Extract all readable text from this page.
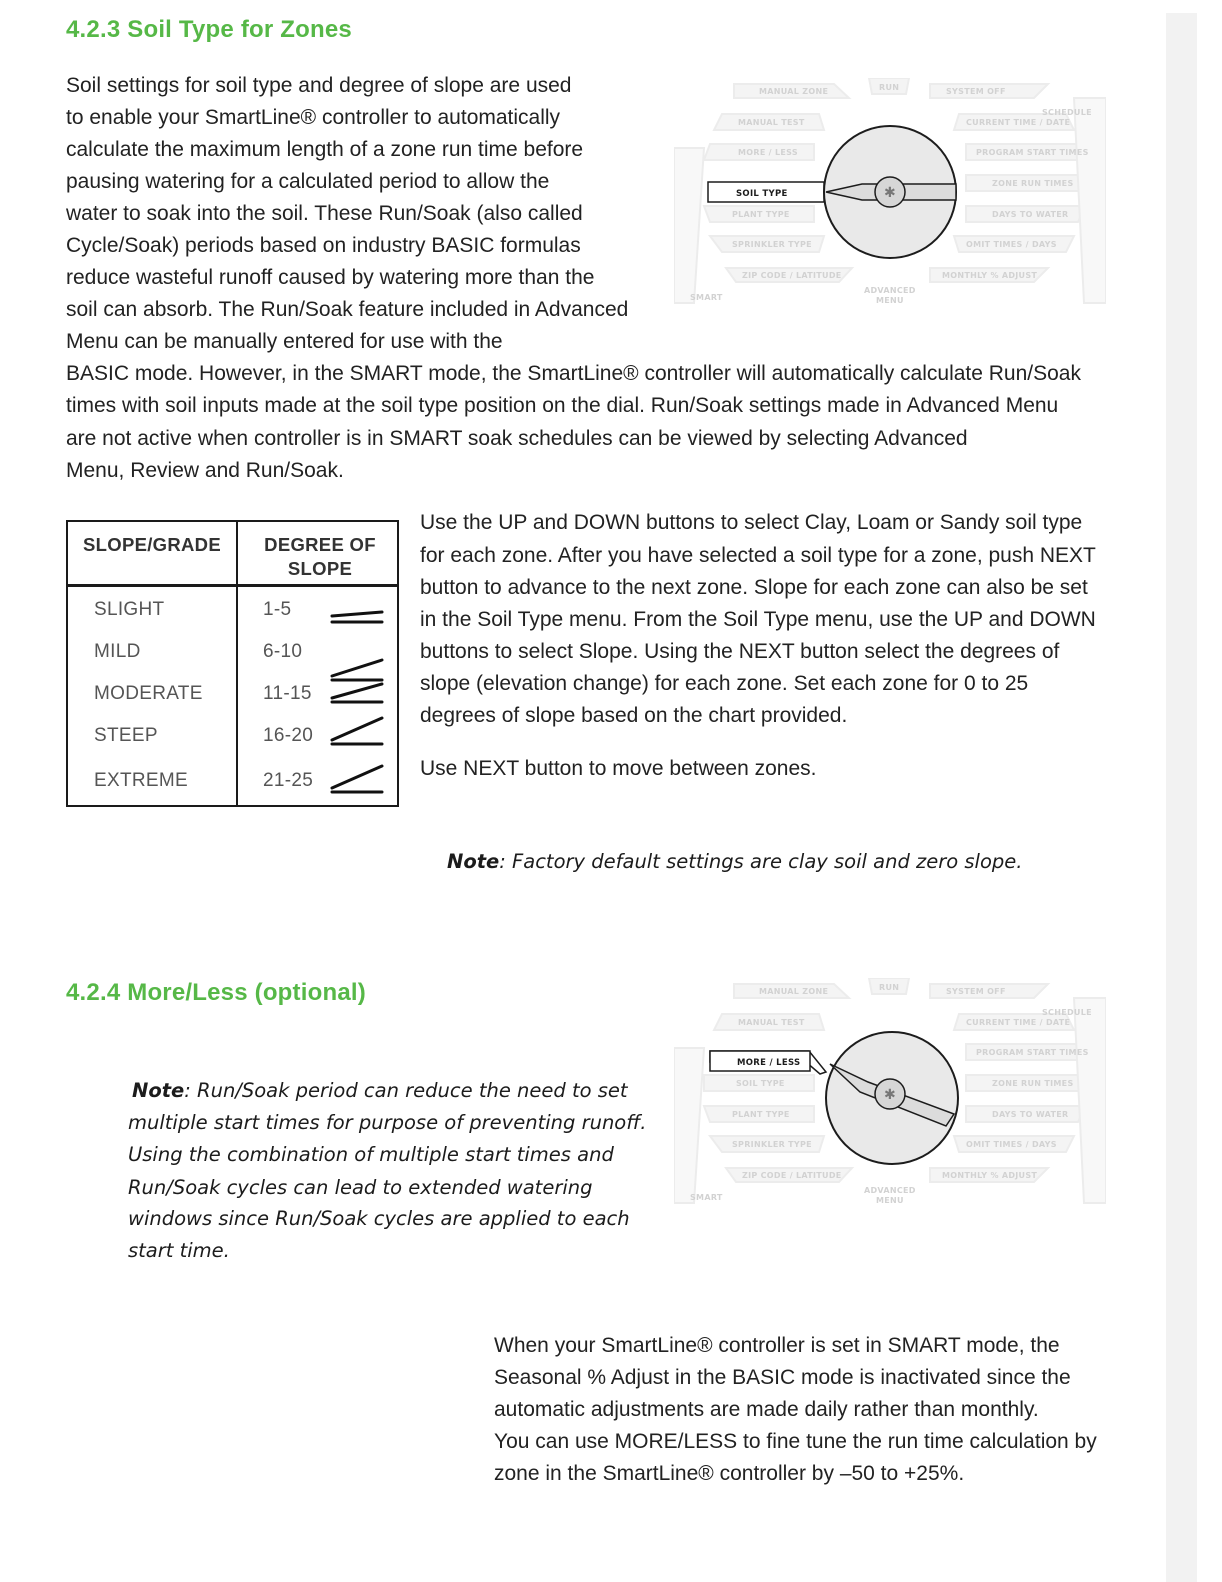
4.2.3 Soil Type for Zones

Soil settings for soil type and degree of slope are used

to enable your SmartLine® controller to automatically

calculate the maximum length of a zone run time before

pausing watering for a calculated period to allow the

water to soak into the soil. These Run/Soak (also called

Cycle/Soak) periods based on industry BASIC formulas

reduce wasteful runoff caused by watering more than the

soil can absorb. The Run/Soak feature included in Advanced

Menu can be manually entered for use with the

BASIC mode. However, in the SMART mode, the SmartLine® controller will automatically calculate Run/Soak

times with soil inputs made at the soil type position on the dial. Run/Soak settings made in Advanced Menu

are not active when controller is in SMART soak schedules can be viewed by selecting Advanced

Menu, Review and Run/Soak.

MANUAL ZONE
MANUAL TEST
MORE / LESS
PLANT TYPE
SPRINKLER TYPE
ZIP CODE / LATITUDE
SYSTEM OFF
CURRENT TIME / DATE
PROGRAM START TIMES
ZONE RUN TIMES
DAYS TO WATER
OMIT TIMES / DAYS
MONTHLY % ADJUST
RUN
SCHEDULE
SMART
ADVANCED
MENU
SOIL TYPE	✱
SLOPE/GRADE	DEGREE OF SLOPE
SLIGHT	1-5
MILD	6-10
MODERATE	11-15
STEEP	16-20
EXTREME	21-25

Use the UP and DOWN buttons to select Clay, Loam or Sandy soil type

for each zone. After you have selected a soil type for a zone, push NEXT

button to advance to the next zone. Slope for each zone can also be set

in the Soil Type menu. From the Soil Type menu, use the UP and DOWN

buttons to select Slope. Using the NEXT button select the degrees of

slope (elevation change) for each zone. Set each zone for 0 to 25

degrees of slope based on the chart provided.

Use NEXT button to move between zones.

Note: Factory default settings are clay soil and zero slope.

4.2.4 More/Less (optional)

Note: Run/Soak period can reduce the need to set

multiple start times for purpose of preventing runoff.

Using the combination of multiple start times and

Run/Soak cycles can lead to extended watering

windows since Run/Soak cycles are applied to each

start time.

MANUAL ZONE
MANUAL TEST
SOIL TYPE
PLANT TYPE
SPRINKLER TYPE
ZIP CODE / LATITUDE
SYSTEM OFF
CURRENT TIME / DATE
PROGRAM START TIMES
ZONE RUN TIMES
DAYS TO WATER
OMIT TIMES / DAYS
MONTHLY % ADJUST
RUN
SCHEDULE
SMART
ADVANCED
MENU
MORE / LESS
✱

When your SmartLine® controller is set in SMART mode, the

Seasonal % Adjust in the BASIC mode is inactivated since the

automatic adjustments are made daily rather than monthly.

You can use MORE/LESS to fine tune the run time calculation by

zone in the SmartLine® controller by –50 to +25%.
